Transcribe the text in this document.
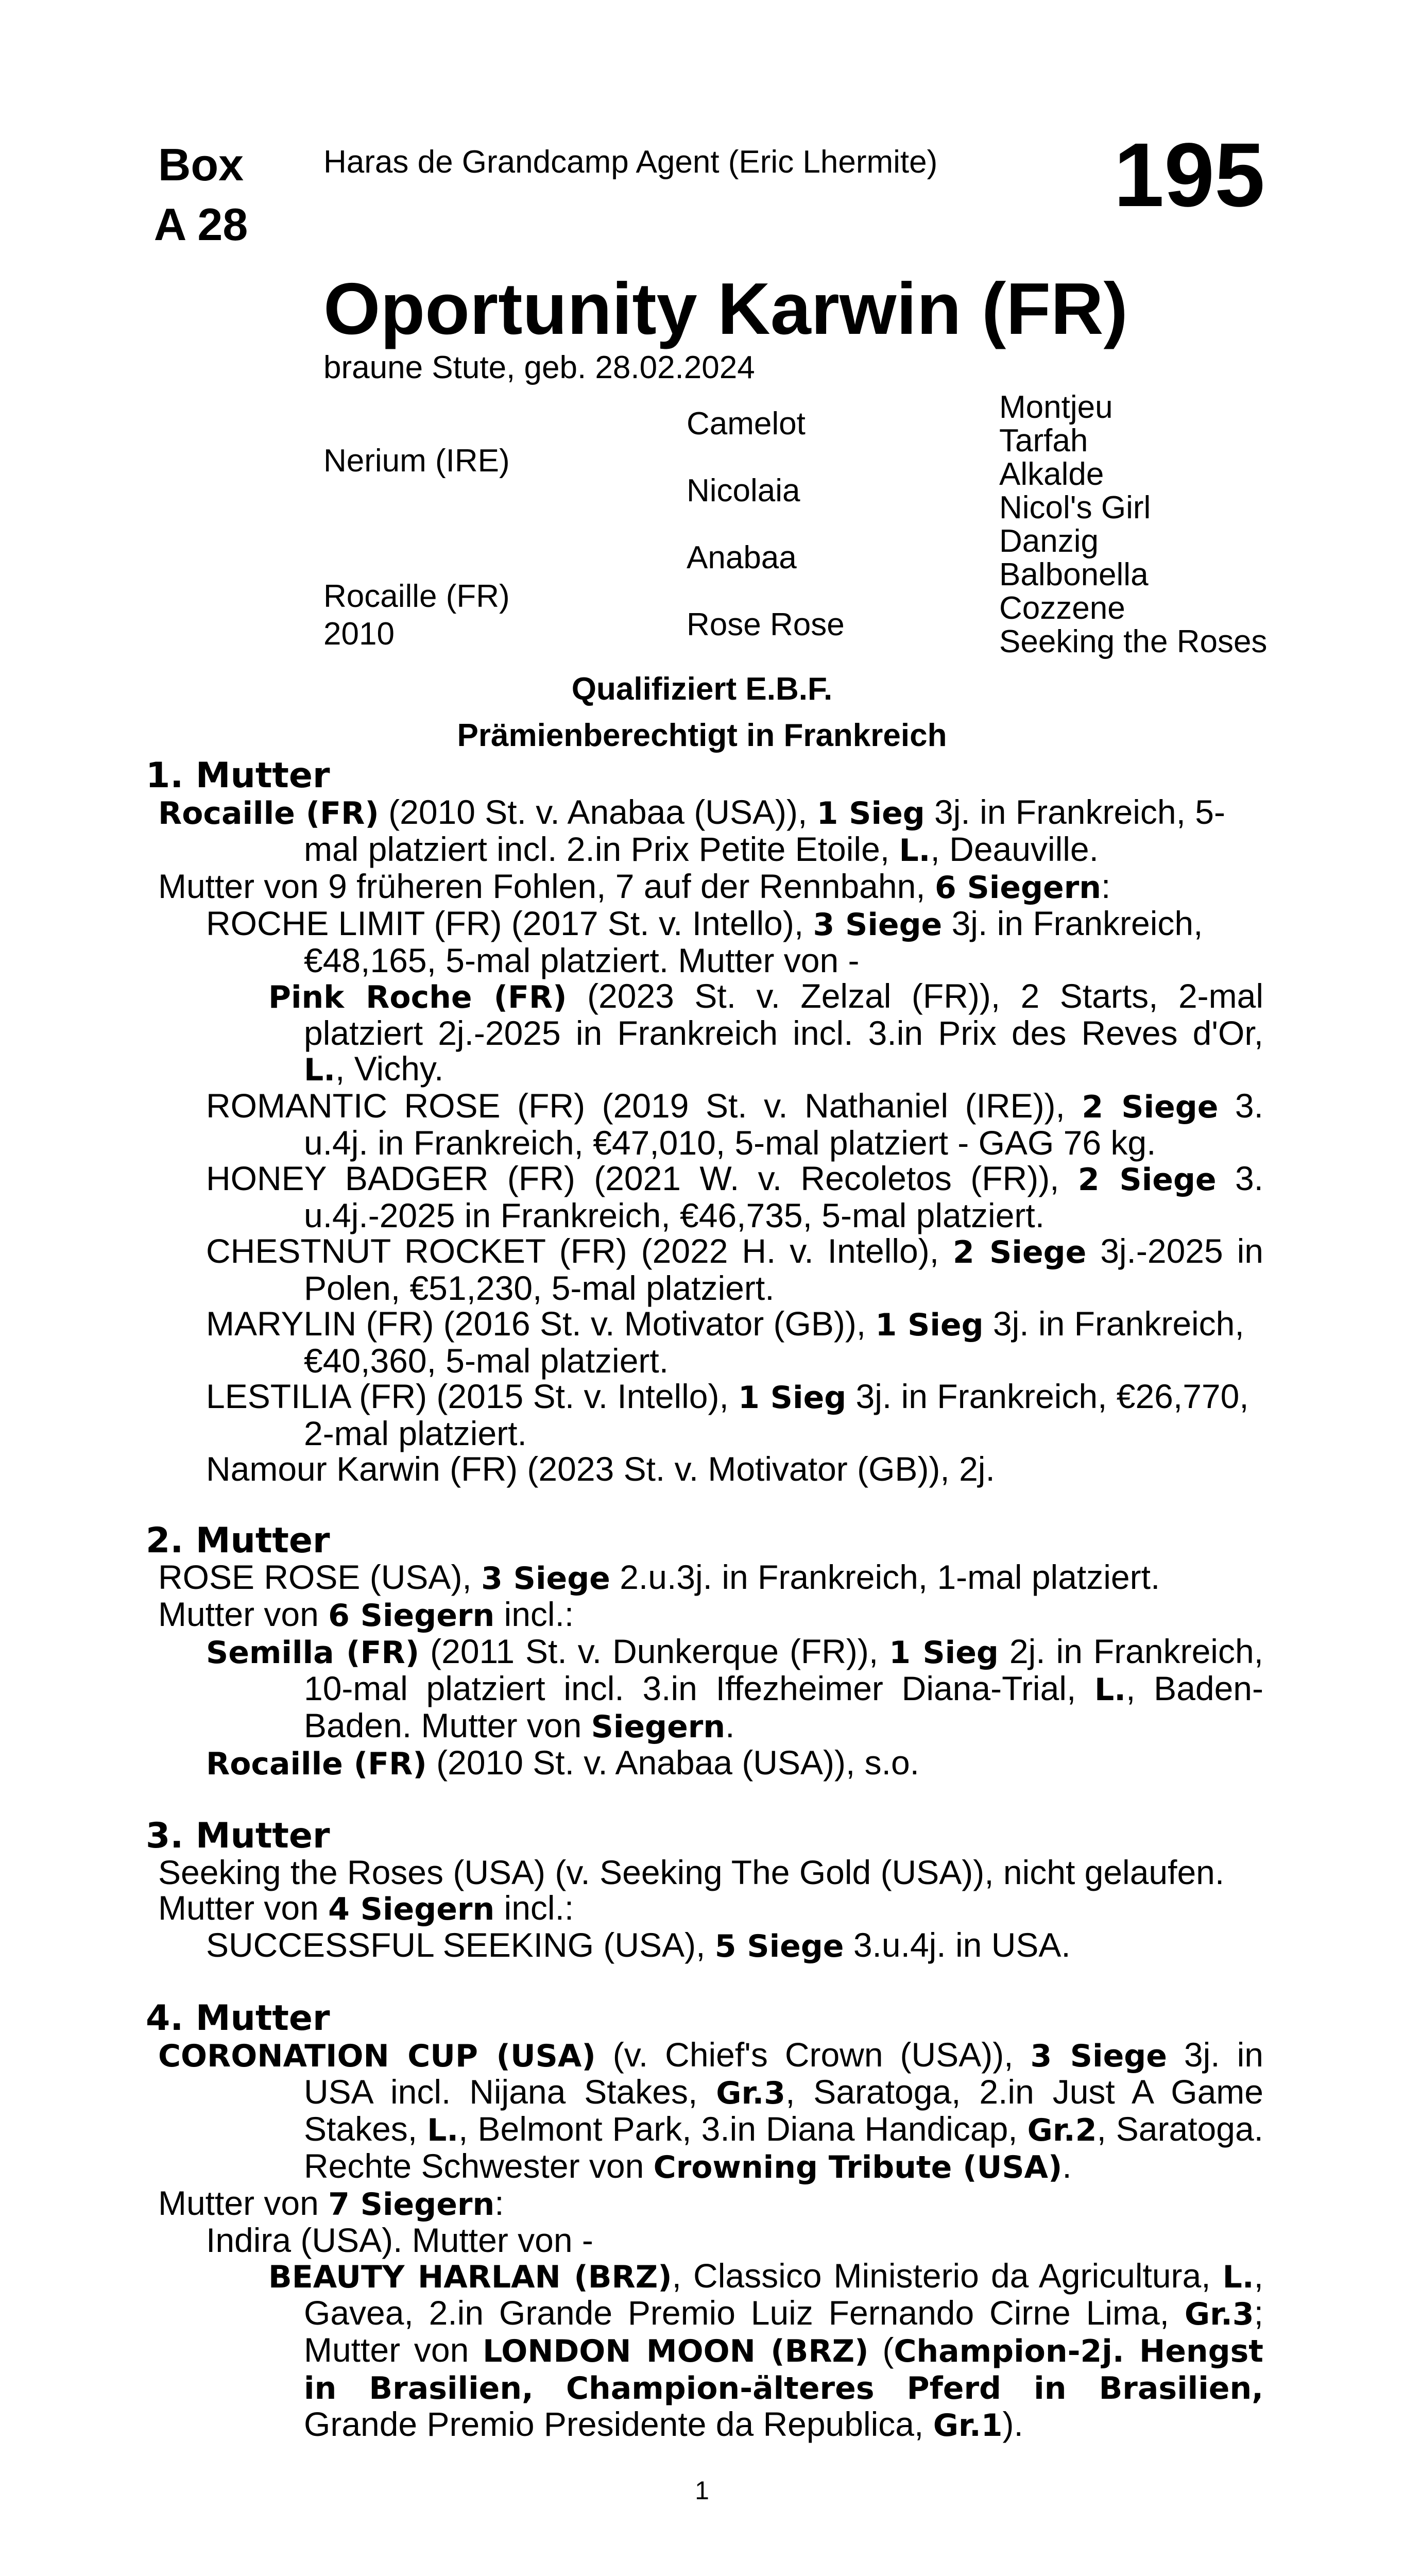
Box
A 28
Haras de Grandcamp Agent (Eric Lhermite) 195
Oportunity Karwin (FR)
braune Stute, geb. 28.02.2024
Nerium (IRE)
Rocaille (FR)
2010
Camelot
Nicolaia
Anabaa
Rose Rose
Montjeu
Tarfah
Alkalde
Nicol's Girl
Danzig
Balbonella
Cozzene
Seeking the Roses
Qualifiziert E.B.F.
Prämienberechtigt in Frankreich
1. Mutter
Rocaille (FR) (2010 St. v. Anabaa (USA)), 1 Sieg 3j. in Frankreich, 5-mal platziert incl. 2.in Prix Petite Etoile, L., Deauville.
Mutter von 9 früheren Fohlen, 7 auf der Rennbahn, 6 Siegern:
ROCHE LIMIT (FR) (2017 St. v. Intello), 3 Siege 3j. in Frankreich, €48,165, 5-mal platziert. Mutter von -
Pink Roche (FR) (2023 St. v. Zelzal (FR)), 2 Starts, 2-mal platziert 2j.-2025 in Frankreich incl. 3.in Prix des Reves d'Or, L., Vichy.
ROMANTIC ROSE (FR) (2019 St. v. Nathaniel (IRE)), 2 Siege 3. u.4j. in Frankreich, €47,010, 5-mal platziert - GAG 76 kg.
HONEY BADGER (FR) (2021 W. v. Recoletos (FR)), 2 Siege 3. u.4j.-2025 in Frankreich, €46,735, 5-mal platziert.
CHESTNUT ROCKET (FR) (2022 H. v. Intello), 2 Siege 3j.-2025 in Polen, €51,230, 5-mal platziert.
MARYLIN (FR) (2016 St. v. Motivator (GB)), 1 Sieg 3j. in Frankreich, €40,360, 5-mal platziert.
LESTILIA (FR) (2015 St. v. Intello), 1 Sieg 3j. in Frankreich, €26,770, 2-mal platziert.
Namour Karwin (FR) (2023 St. v. Motivator (GB)), 2j.
2. Mutter
ROSE ROSE (USA), 3 Siege 2.u.3j. in Frankreich, 1-mal platziert.
Mutter von 6 Siegern incl.:
Semilla (FR) (2011 St. v. Dunkerque (FR)), 1 Sieg 2j. in Frankreich, 10-mal platziert incl. 3.in Iffezheimer Diana-Trial, L., Baden-Baden. Mutter von Siegern.
Rocaille (FR) (2010 St. v. Anabaa (USA)), s.o.
3. Mutter
Seeking the Roses (USA) (v. Seeking The Gold (USA)), nicht gelaufen.
Mutter von 4 Siegern incl.:
SUCCESSFUL SEEKING (USA), 5 Siege 3.u.4j. in USA.
4. Mutter
CORONATION CUP (USA) (v. Chief's Crown (USA)), 3 Siege 3j. in USA incl. Nijana Stakes, Gr.3, Saratoga, 2.in Just A Game Stakes, L., Belmont Park, 3.in Diana Handicap, Gr.2, Saratoga. Rechte Schwester von Crowning Tribute (USA).
Mutter von 7 Siegern:
Indira (USA). Mutter von -
BEAUTY HARLAN (BRZ), Classico Ministerio da Agricultura, L., Gavea, 2.in Grande Premio Luiz Fernando Cirne Lima, Gr.3; Mutter von LONDON MOON (BRZ) (Champion-2j. Hengst in Brasilien, Champion-älteres Pferd in Brasilien, Grande Premio Presidente da Republica, Gr.1).
1
